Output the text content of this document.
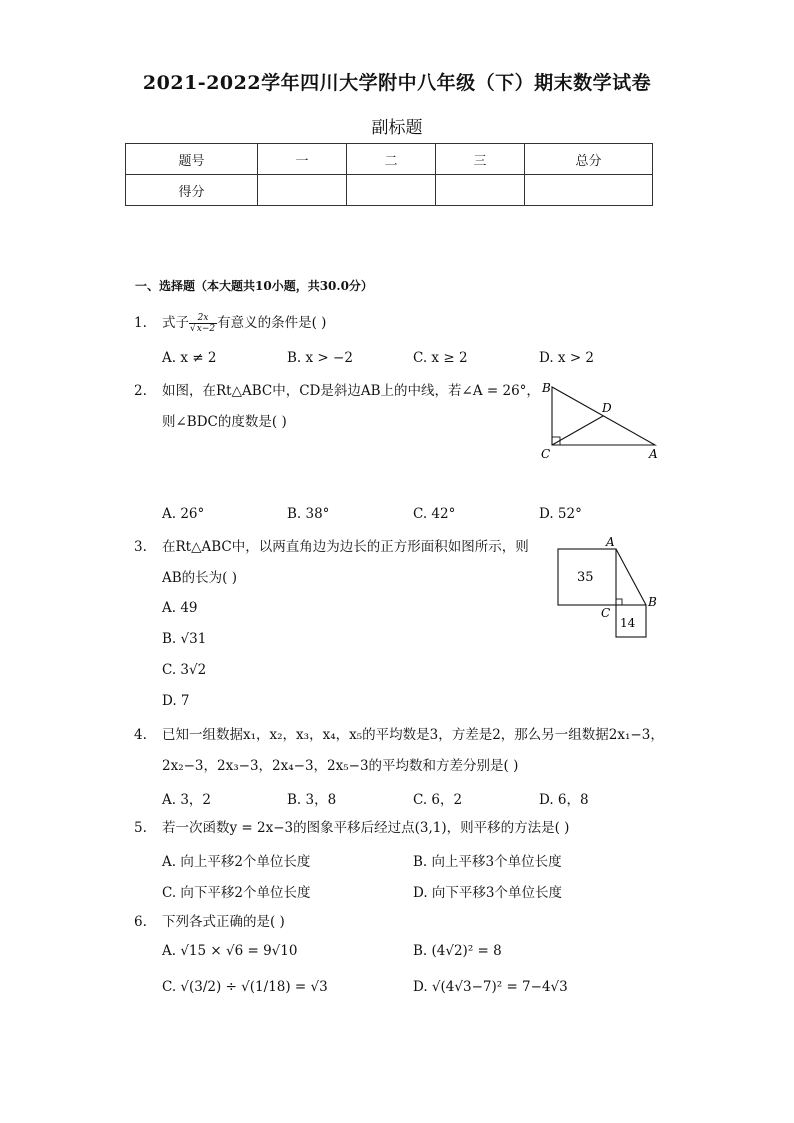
2021-2022学年四川大学附中八年级（下）期末数学试卷
副标题
题号	一	二	三	总分
得分				
一、选择题（本大题共10小题，共30.0分）
1. 式子 $\frac{2x}{√x-2}$ 有意义的条件是( )
A. x ≠ 2	B. x > −2	C. x ≥ 2	D. x > 2
2. 如图，在Rt△ABC中，CD是斜边AB上的中线，若∠A = 26°，
则∠BDC的度数是( )
B
C	A
D
A. 26°	B. 38°	C. 42°	D. 52°
3. 在Rt△ABC中，以两直角边为边长的正方形面积如图所示，则
AB的长为( )
A
B
C
35
14
A. 49
B. √31
C. 3√2
D. 7
4. 已知一组数据x₁，x₂，x₃，x₄，x₅的平均数是3，方差是2，那么另一组数据2x₁−3，
2x₂−3，2x₃−3，2x₄−3，2x₅−3的平均数和方差分别是( )
A. 3，2	B. 3，8	C. 6，2	D. 6，8
5. 若一次函数y = 2x−3的图象平移后经过点(3,1)，则平移的方法是( )
A. 向上平移2个单位长度	B. 向上平移3个单位长度
C. 向下平移2个单位长度	D. 向下平移3个单位长度
6. 下列各式正确的是( )
A. √15 × √6 = 9√10	B. (4√2)² = 8
C. √(3/2) ÷ √(1/18) = √3	D. √(4√3−7)² = 7−4√3
